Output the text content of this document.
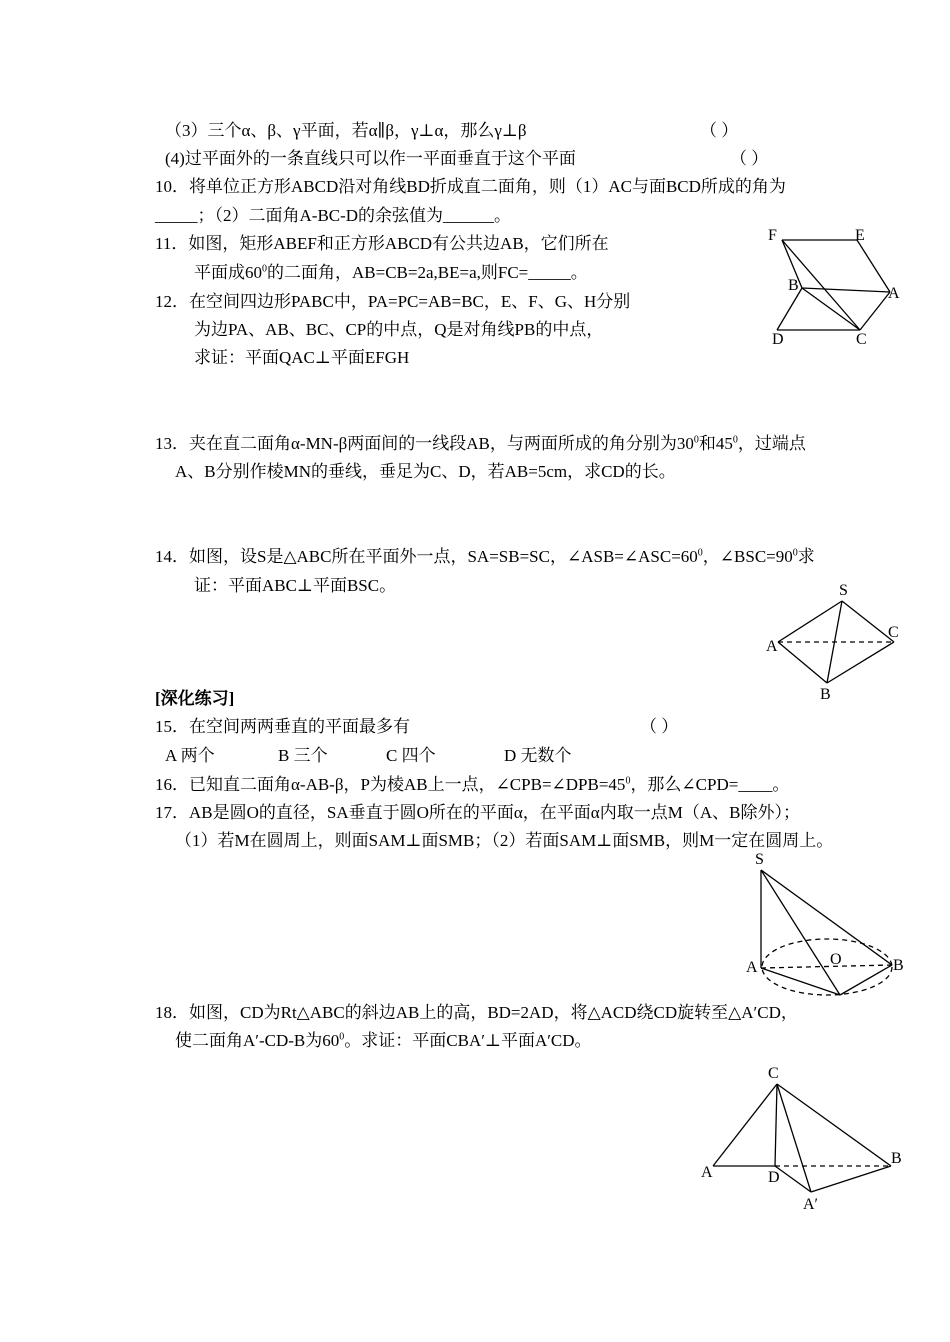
（3）三个α、β、γ平面，若α∥β，γ⊥α，那么γ⊥β	（ ）
(4)过平面外的一条直线只可以作一平面垂直于这个平面	（ ）
10．将单位正方形ABCD沿对角线BD折成直二面角，则（1）AC与面BCD所成的角为
_____；（2）二面角A-BC-D的余弦值为______。
11．如图，矩形ABEF和正方形ABCD有公共边AB，它们所在
平面成$60^0$的二面角，AB=CB=2a,BE=a,则FC=_____。
12．在空间四边形PABC中，PA=PC=AB=BC，E、F、G、H分别
为边PA、AB、BC、CP的中点，Q是对角线PB的中点，
求证：平面QAC⊥平面EFGH
F	E
B	A
D	C
13．夹在直二面角α-MN-β两面间的一线段AB，与两面所成的角分别为$30^0$和$45^0$，过端点
A、B分别作棱MN的垂线，垂足为C、D，若AB=5cm，求CD的长。
14．如图，设S是△ABC所在平面外一点，SA=SB=SC，$\angle ASB=\angle ASC=60^0$，$\angle BSC=90^0$求
证：平面ABC⊥平面BSC。	S
A
C
B
[深化练习]
15．在空间两两垂直的平面最多有	（ ）
A 两个	B 三个	C 四个	D 无数个
16．已知直二面角α-AB-β，P为棱AB上一点，$\angle CPB=\angle DPB=45^0$，那么∠CPD=____。
17．AB是圆O的直径，SA垂直于圆O所在的平面α，在平面α内取一点M（A、B除外）；
（1）若M在圆周上，则面SAM⊥面SMB；（2）若面SAM⊥面SMB，则M一定在圆周上。
S
A	O	B
18．如图，CD为Rt△ABC的斜边AB上的高，BD=2AD，将△ACD绕CD旋转至△A′CD，
使二面角A′-CD-B为$60^0$。求证：平面CBA′⊥平面A′CD。
C
A	D
B
A′
